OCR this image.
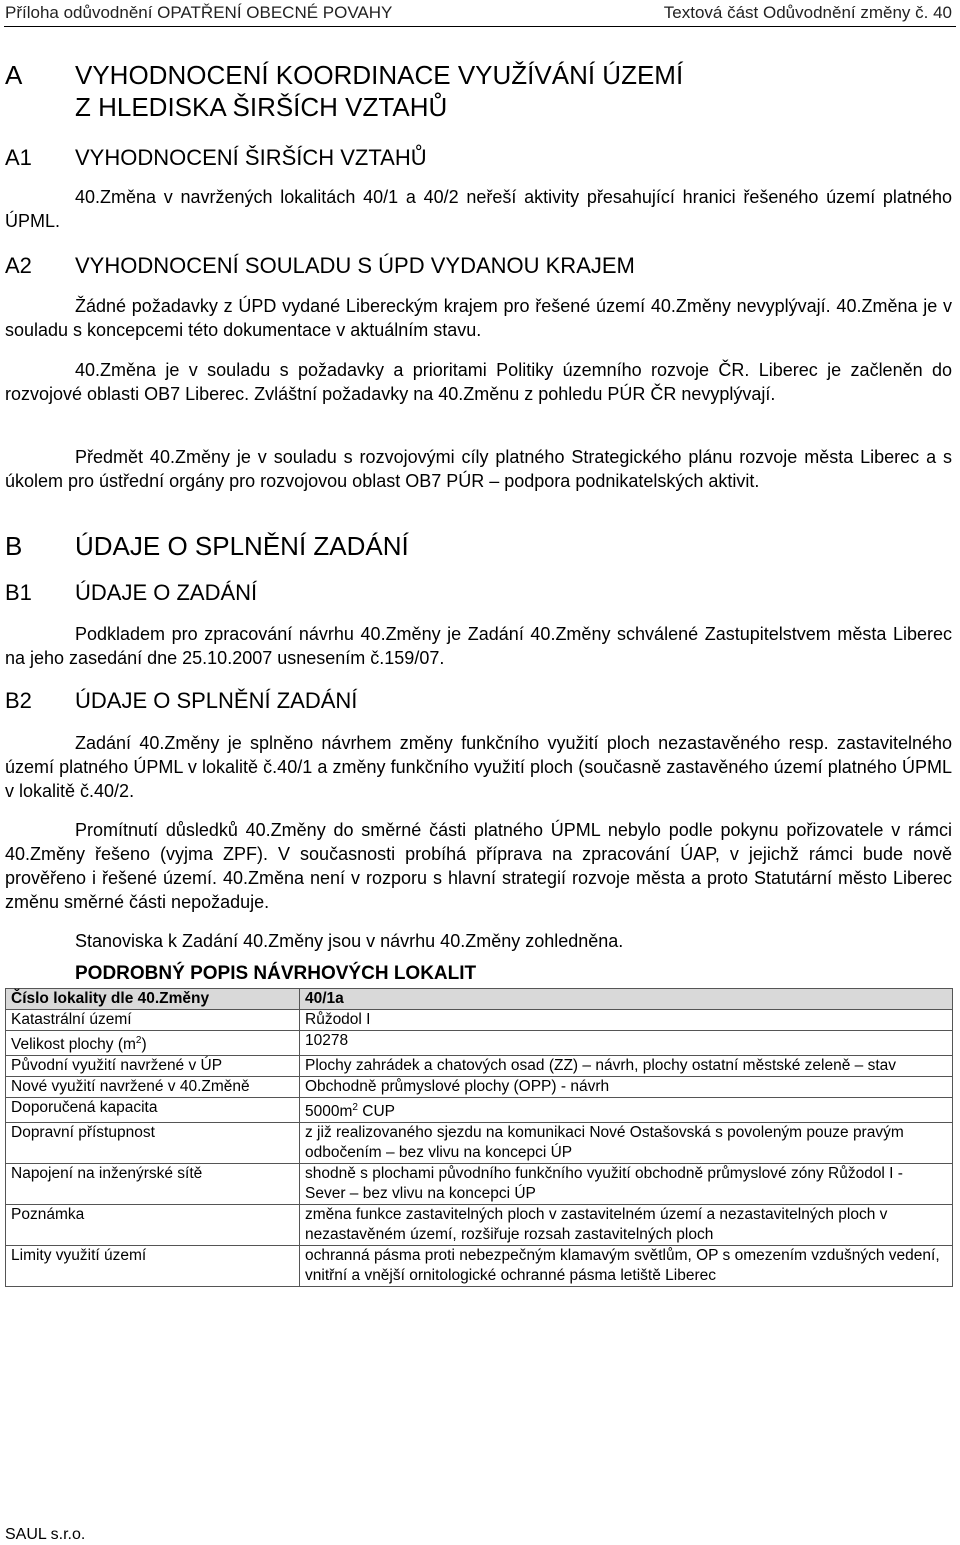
Příloha odůvodnění OPATŘENÍ OBECNÉ POVAHY	Textová část Odůvodnění změny č. 40
A VYHODNOCENÍ KOORDINACE VYUŽÍVÁNÍ ÚZEMÍ
Z HLEDISKA ŠIRŠÍCH VZTAHŮ
A1 VYHODNOCENÍ ŠIRŠÍCH VZTAHŮ
40.Změna v navržených lokalitách 40/1 a 40/2 neřeší aktivity přesahující hranici řešeného území platného ÚPML.
A2 VYHODNOCENÍ SOULADU S ÚPD VYDANOU KRAJEM
Žádné požadavky z ÚPD vydané Libereckým krajem pro řešené území 40.Změny nevyplývají. 40.Změna je v souladu s koncepcemi této dokumentace v aktuálním stavu.
40.Změna je v souladu s požadavky a prioritami Politiky územního rozvoje ČR. Liberec je začleněn do rozvojové oblasti OB7 Liberec. Zvláštní požadavky na 40.Změnu z pohledu PÚR ČR nevyplývají.
Předmět 40.Změny je v souladu s rozvojovými cíly platného Strategického plánu rozvoje města Liberec a s úkolem pro ústřední orgány pro rozvojovou oblast OB7 PÚR – podpora podnikatelských aktivit.
B ÚDAJE O SPLNĚNÍ ZADÁNÍ
B1 ÚDAJE O ZADÁNÍ
Podkladem pro zpracování návrhu 40.Změny je Zadání 40.Změny schválené Zastupitelstvem města Liberec na jeho zasedání dne 25.10.2007 usnesením č.159/07.
B2 ÚDAJE O SPLNĚNÍ ZADÁNÍ
Zadání 40.Změny je splněno návrhem změny funkčního využití ploch nezastavěného resp. zastavitelného území platného ÚPML v lokalitě č.40/1 a změny funkčního využití ploch (současně zastavěného území platného ÚPML v lokalitě č.40/2.
Promítnutí důsledků 40.Změny do směrné části platného ÚPML nebylo podle pokynu pořizovatele v rámci 40.Změny řešeno (vyjma ZPF). V současnosti probíhá příprava na zpracování ÚAP, v jejichž rámci bude nově prověřeno i řešené území. 40.Změna není v rozporu s hlavní strategií rozvoje města a proto Statutární město Liberec změnu směrné části nepožaduje.
Stanoviska k Zadání 40.Změny jsou v návrhu 40.Změny zohledněna.
PODROBNÝ POPIS NÁVRHOVÝCH LOKALIT
Číslo lokality dle 40.Změny	40/1a
Katastrální území	Růžodol I
Velikost plochy $(m^2)$	10278
Původní využití navržené v ÚP	Plochy zahrádek a chatových osad (ZZ) – návrh, plochy ostatní městské zeleně – stav
Nové využití navržené v 40.Změně	Obchodně průmyslové plochy (OPP) - návrh
Doporučená kapacita	$5000m^2$ CUP
Dopravní přístupnost	z již realizovaného sjezdu na komunikaci Nové Ostašovská s povoleným pouze pravým odbočením – bez vlivu na koncepci ÚP
Napojení na inženýrské sítě	shodně s plochami původního funkčního využití obchodně průmyslové zóny Růžodol I - Sever – bez vlivu na koncepci ÚP
Poznámka	změna funkce zastavitelných ploch v zastavitelném území a nezastavitelných ploch v nezastavěném území, rozšiřuje rozsah zastavitelných ploch
Limity využití území	ochranná pásma proti nebezpečným klamavým světlům, OP s omezením vzdušných vedení, vnitřní a vnější ornitologické ochranné pásma letiště Liberec
SAUL s.r.o.
